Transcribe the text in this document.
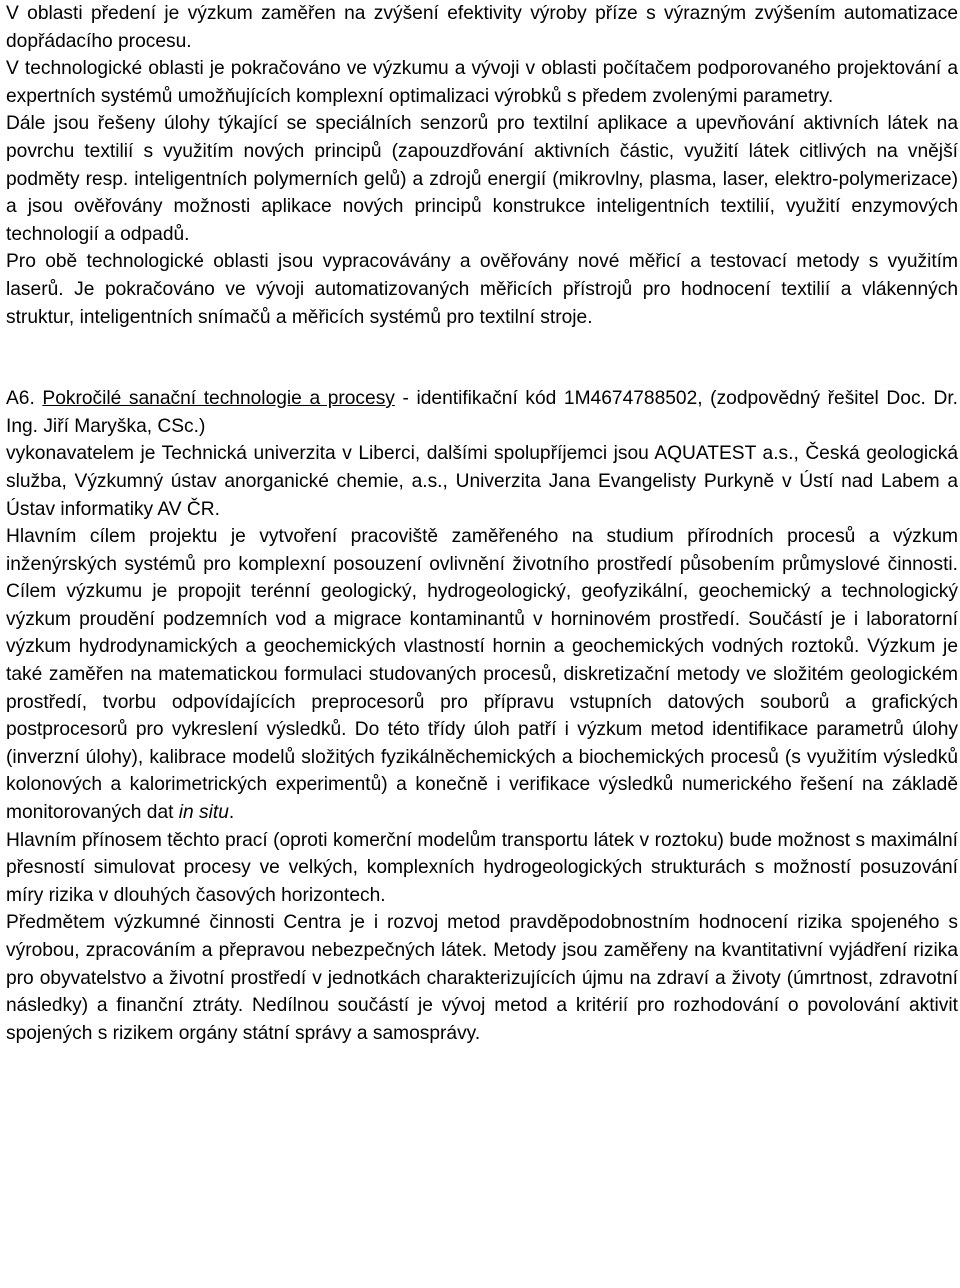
V oblasti předení je výzkum zaměřen na zvýšení efektivity výroby příze s výrazným zvýšením automatizace dopřádacího procesu.

V technologické oblasti je pokračováno ve výzkumu a vývoji v oblasti počítačem podporovaného projektování a expertních systémů umožňujících komplexní optimalizaci výrobků s předem zvolenými parametry.

Dále jsou řešeny úlohy týkající se speciálních senzorů pro textilní aplikace a upevňování aktivních látek na povrchu textilií s využitím nových principů (zapouzdřování aktivních částic, využití látek citlivých na vnější podměty resp. inteligentních polymerních gelů) a zdrojů energií (mikrovlny, plasma, laser, elektro-polymerizace) a jsou ověřovány možnosti aplikace nových principů konstrukce inteligentních textilií, využití enzymových technologií a odpadů.

Pro obě technologické oblasti jsou vypracovávány a ověřovány nové měřicí a testovací metody s využitím laserů. Je pokračováno ve vývoji automatizovaných měřicích přístrojů pro hodnocení textilií a vlákenných struktur, inteligentních snímačů a měřicích systémů pro textilní stroje.

A6. Pokročilé sanační technologie a procesy - identifikační kód 1M4674788502, (zodpovědný řešitel Doc. Dr. Ing. Jiří Maryška, CSc.)

vykonavatelem je Technická univerzita v Liberci, dalšími spolupříjemci jsou AQUATEST a.s., Česká geologická služba, Výzkumný ústav anorganické chemie, a.s., Univerzita Jana Evangelisty Purkyně v Ústí nad Labem a Ústav informatiky AV ČR.

Hlavním cílem projektu je vytvoření pracoviště zaměřeného na studium přírodních procesů a výzkum inženýrských systémů pro komplexní posouzení ovlivnění životního prostředí působením průmyslové činnosti. Cílem výzkumu je propojit terénní geologický, hydrogeologický, geofyzikální, geochemický a technologický výzkum proudění podzemních vod a migrace kontaminantů v horninovém prostředí. Součástí je i laboratorní výzkum hydrodynamických a geochemických vlastností hornin a geochemických vodných roztoků. Výzkum je také zaměřen na matematickou formulaci studovaných procesů, diskretizační metody ve složitém geologickém prostředí, tvorbu odpovídajících preprocesorů pro přípravu vstupních datových souborů a grafických postprocesorů pro vykreslení výsledků. Do této třídy úloh patří i výzkum metod identifikace parametrů úlohy (inverzní úlohy), kalibrace modelů složitých fyzikálněchemických a biochemických procesů (s využitím výsledků kolonových a kalorimetrických experimentů) a konečně i verifikace výsledků numerického řešení na základě monitorovaných dat in situ.

Hlavním přínosem těchto prací (oproti komerční modelům transportu látek v roztoku) bude možnost s maximální přesností simulovat procesy ve velkých, komplexních hydrogeologických strukturách s možností posuzování míry rizika v dlouhých časových horizontech.

Předmětem výzkumné činnosti Centra je i rozvoj metod pravděpodobnostním hodnocení rizika spojeného s výrobou, zpracováním a přepravou nebezpečných látek. Metody jsou zaměřeny na kvantitativní vyjádření rizika pro obyvatelstvo a životní prostředí v jednotkách charakterizujících újmu na zdraví a životy (úmrtnost, zdravotní následky) a finanční ztráty. Nedílnou součástí je vývoj metod a kritérií pro rozhodování o povolování aktivit spojených s rizikem orgány státní správy a samosprávy.
